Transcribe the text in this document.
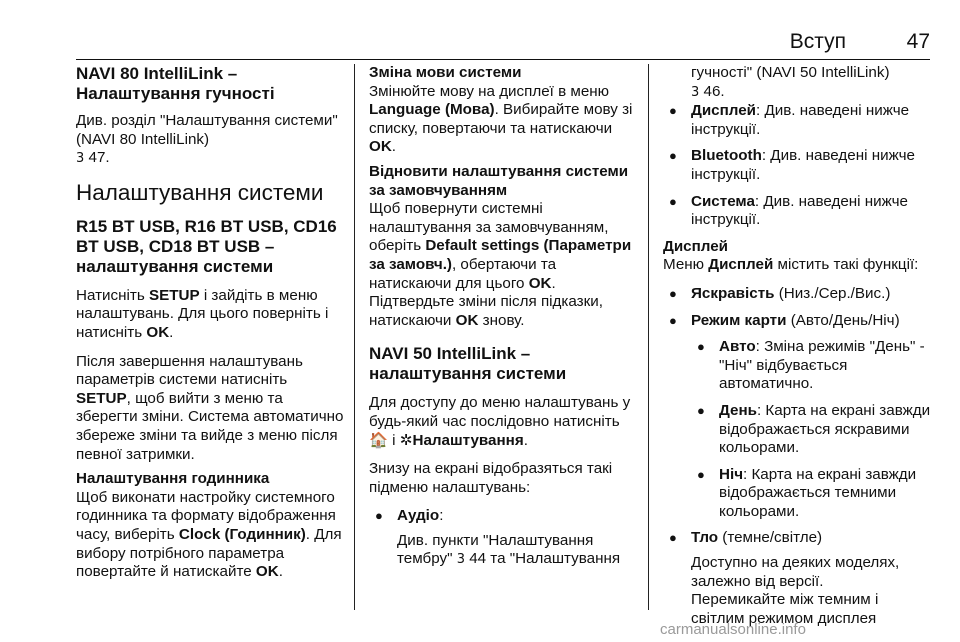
Вступ	47
NAVI 80 IntelliLink – Налаштування гучності

Див. розділ "Налаштування системи" (NAVI 80 IntelliLink)
3 47.

Налаштування системи
R15 BT USB, R16 BT USB, CD16 BT USB, CD18 BT USB – налаштування системи

Натисніть SETUP і зайдіть в меню налаштувань. Для цього поверніть і натисніть OK.

Після завершення налаштувань параметрів системи натисніть SETUP, щоб вийти з меню та зберегти зміни. Система автоматично збереже зміни та вийде з меню після певної затримки.

Налаштування годинника

Щоб виконати настройку системного годинника та формату відображення часу, виберіть Clock (Годинник). Для вибору потрібного параметра повертайте й натискайте OK.

Зміна мови системи

Змінюйте мову на дисплеї в меню Language (Мова). Вибирайте мову зі списку, повертаючи та натискаючи OK.

Відновити налаштування системи за замовчуванням

Щоб повернути системні налаштування за замовчуванням, оберіть Default settings (Параметри за замовч.), обертаючи та натискаючи для цього OK. Підтвердьте зміни після підказки, натискаючи OK знову.

NAVI 50 IntelliLink – налаштування системи

Для доступу до меню налаштувань у будь-який час послідовно натисніть 🏠 і ✲Налаштування.

Знизу на екрані відобразяться такі підменю налаштувань:

● Аудіо:
Див. пункти "Налаштування тембру" 3 44 та "Налаштування

гучності" (NAVI 50 IntelliLink)
3 46.

● Дисплей: Див. наведені нижче інструкції.
● Bluetooth: Див. наведені нижче інструкції.
● Система: Див. наведені нижче інструкції.
Дисплей

Меню Дисплей містить такі функції:

● Яскравість (Низ./Сер./Вис.)
● Режим карти (Авто/День/Ніч)
● Авто: Зміна режимів "День" - "Ніч" відбувається автоматично.
● День: Карта на екрані завжди відображається яскравими кольорами.
● Ніч: Карта на екрані завжди відображається темними кольорами.
● Тло (темне/світле)
Доступно на деяких моделях, залежно від версії.
Перемикайте між темним і світлим режимом дисплея
carmanualsonline.info
